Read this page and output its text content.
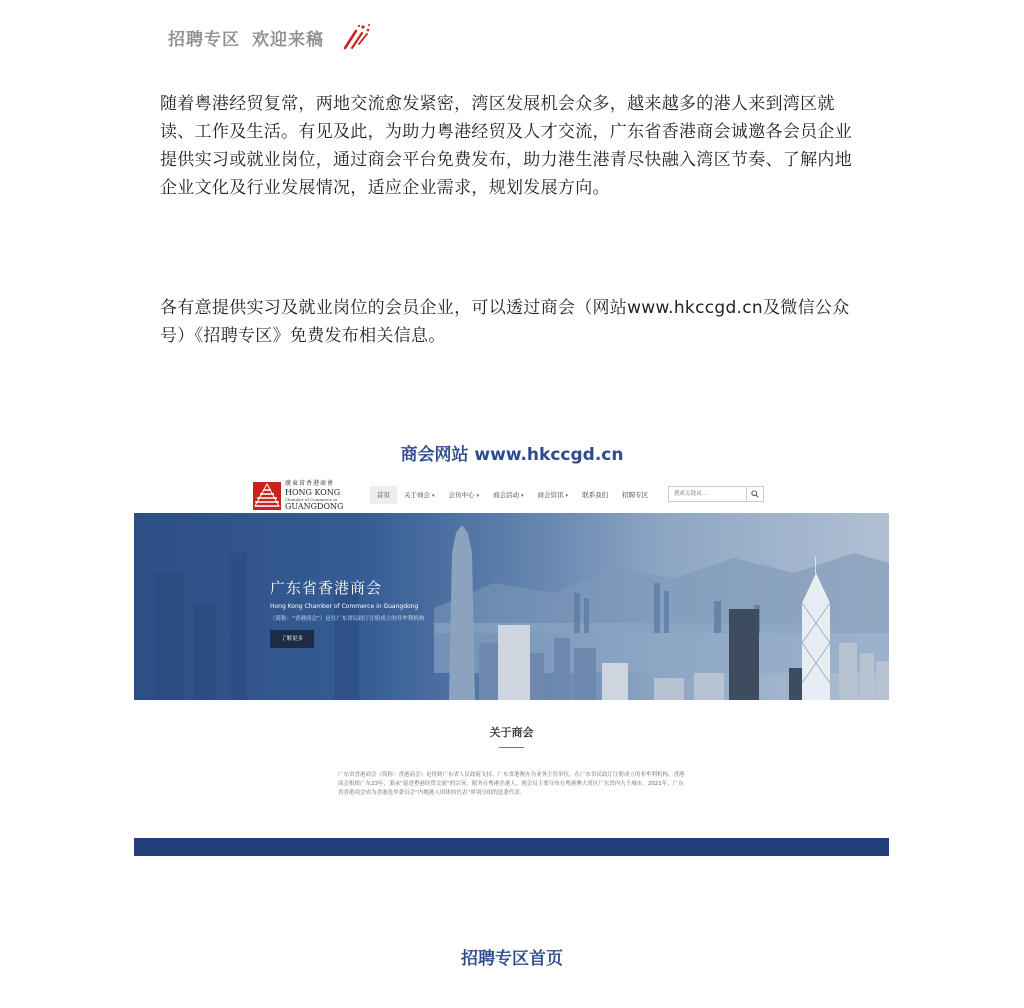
招聘专区 欢迎来稿

随着粤港经贸复常，两地交流愈发紧密，湾区发展机会众多，越来越多的港人来到湾区就读、工作及生活。有见及此，为助力粤港经贸及人才交流，广东省香港商会诚邀各会员企业提供实习或就业岗位，通过商会平台免费发布，助力港生港青尽快融入湾区节奏、了解内地企业文化及行业发展情况，适应企业需求，规划发展方向。

各有意提供实习及就业岗位的会员企业，可以透过商会（网站www.hkccgd.cn及微信公众号）《招聘专区》免费发布相关信息。

商会网站 www.hkccgd.cn
廣東省香港商會
HONG KONG
Chamber of Commerce in
GUANGDONG
首页	关于商会 ▾	会员中心 ▾	商会活动 ▾	商会资讯 ▾	联系我们	招聘专区
搜索关键词...
广东省香港商会
Hong Kong Chamber of Commerce in Guangdong
（简称：“香港商会”）是在广东省民政厅注册成立的非牟利机构
了解更多
关于商会
广东省香港商会（简称：香港商会）是得到广东省人民政府支持、广东省港澳办为业务主管单位，在广东省民政厅注册成立的非牟利机构。香港商会根植广东23年，秉承“促进粤港经贸交流”的宗旨，服务在粤港企港人。现会员主要分布在粤港澳大湾区广东省内九个城市。2021年，广东省香港商会成为香港选举委员会“内地港人团体的代表”界别分组的选委代表。
招聘专区首页
